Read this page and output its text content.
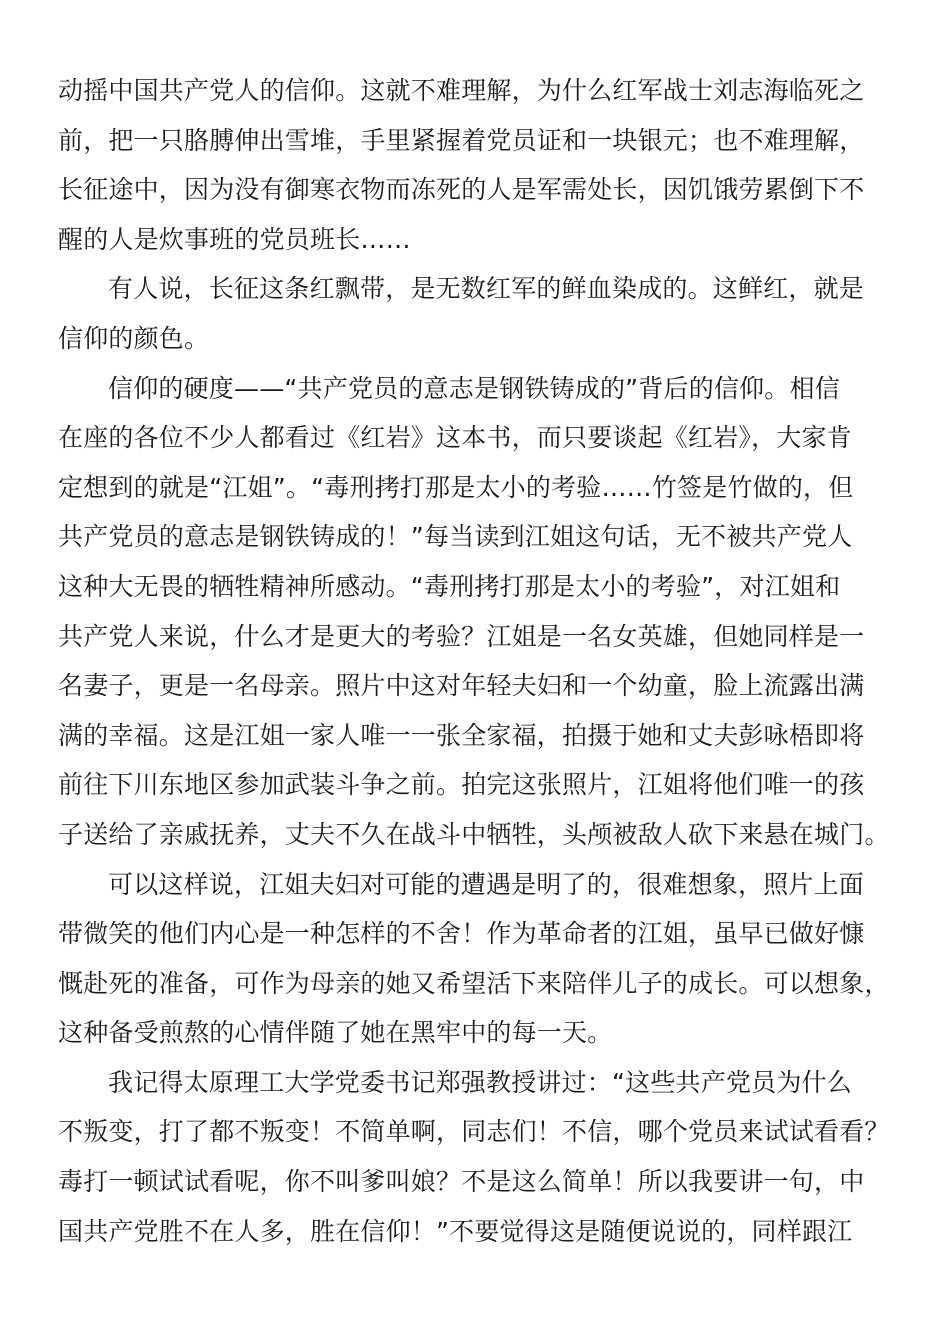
动摇中国共产党人的信仰。这就不难理解，为什么红军战士刘志海临死之
前，把一只胳膊伸出雪堆，手里紧握着党员证和一块银元；也不难理解，
长征途中，因为没有御寒衣物而冻死的人是军需处长，因饥饿劳累倒下不
醒的人是炊事班的党员班长……
有人说，长征这条红飘带，是无数红军的鲜血染成的。这鲜红，就是
信仰的颜色。
信仰的硬度——“共产党员的意志是钢铁铸成的”背后的信仰。相信
在座的各位不少人都看过《红岩》这本书，而只要谈起《红岩》，大家肯
定想到的就是“江姐”。“毒刑拷打那是太小的考验……竹签是竹做的，但
共产党员的意志是钢铁铸成的！”每当读到江姐这句话，无不被共产党人
这种大无畏的牺牲精神所感动。“毒刑拷打那是太小的考验”，对江姐和
共产党人来说，什么才是更大的考验？江姐是一名女英雄，但她同样是一
名妻子，更是一名母亲。照片中这对年轻夫妇和一个幼童，脸上流露出满
满的幸福。这是江姐一家人唯一一张全家福，拍摄于她和丈夫彭咏梧即将
前往下川东地区参加武装斗争之前。拍完这张照片，江姐将他们唯一的孩
子送给了亲戚抚养，丈夫不久在战斗中牺牲，头颅被敌人砍下来悬在城门。
可以这样说，江姐夫妇对可能的遭遇是明了的，很难想象，照片上面
带微笑的他们内心是一种怎样的不舍！作为革命者的江姐，虽早已做好慷
慨赴死的准备，可作为母亲的她又希望活下来陪伴儿子的成长。可以想象，
这种备受煎熬的心情伴随了她在黑牢中的每一天。
我记得太原理工大学党委书记郑强教授讲过：“这些共产党员为什么
不叛变，打了都不叛变！不简单啊，同志们！不信，哪个党员来试试看看？
毒打一顿试试看呢，你不叫爹叫娘？不是这么简单！所以我要讲一句，中
国共产党胜不在人多，胜在信仰！”不要觉得这是随便说说的，同样跟江
